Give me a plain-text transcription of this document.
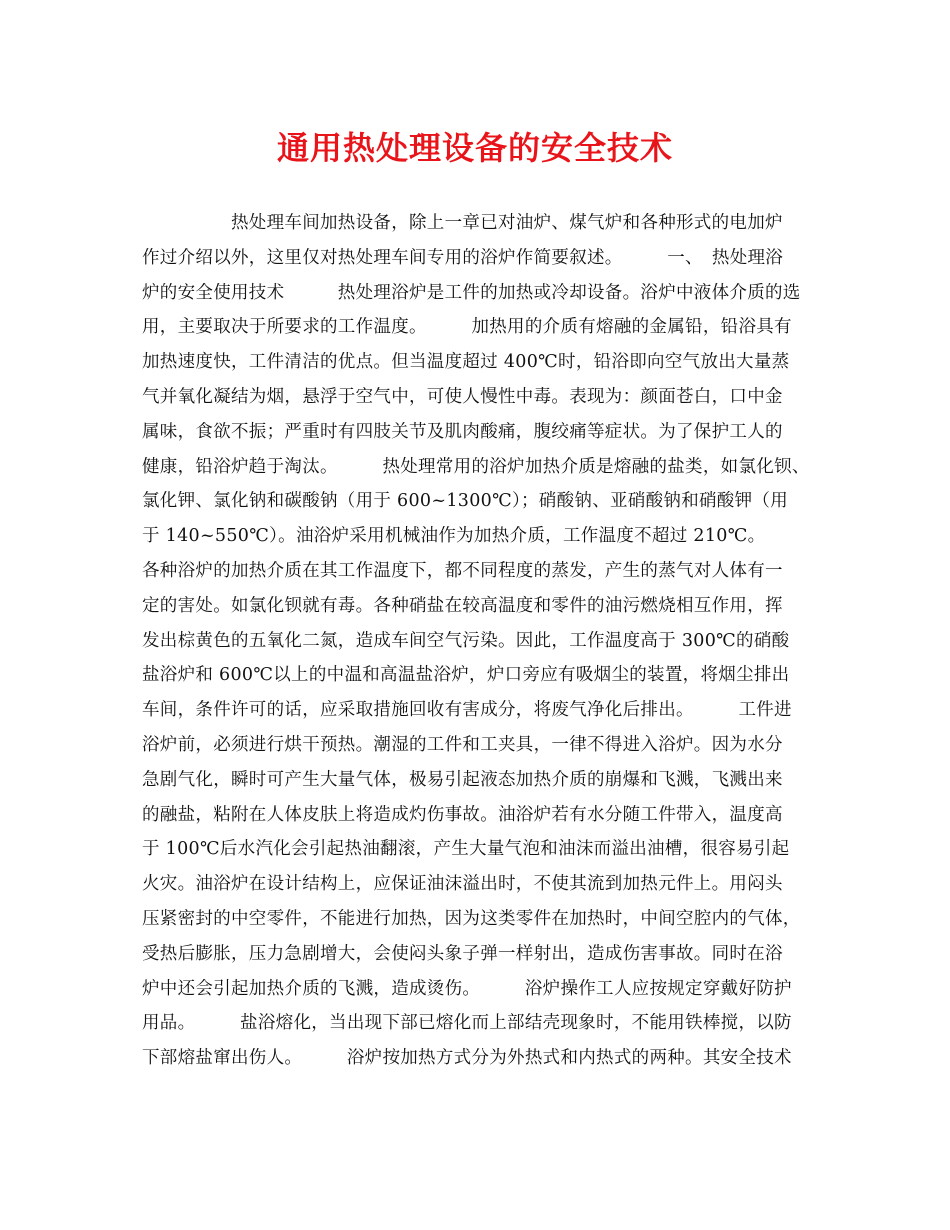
通用热处理设备的安全技术
　　　　　热处理车间加热设备，除上一章已对油炉、煤气炉和各种形式的电加炉
作过介绍以外，这里仅对热处理车间专用的浴炉作简要叙述。　　　一、　热处理浴
炉的安全使用技术　　　热处理浴炉是工件的加热或冷却设备。浴炉中液体介质的选
用，主要取决于所要求的工作温度。　　　加热用的介质有熔融的金属铅，铅浴具有
加热速度快，工件清洁的优点。但当温度超过 400℃时，铅浴即向空气放出大量蒸
气并氧化凝结为烟，悬浮于空气中，可使人慢性中毒。表现为：颜面苍白，口中金
属味，食欲不振；严重时有四肢关节及肌肉酸痛，腹绞痛等症状。为了保护工人的
健康，铅浴炉趋于淘汰。　　　热处理常用的浴炉加热介质是熔融的盐类，如氯化钡、
氯化钾、氯化钠和碳酸钠（用于 600~1300℃）；硝酸钠、亚硝酸钠和硝酸钾（用
于 140~550℃）。油浴炉采用机械油作为加热介质，工作温度不超过 210℃。
各种浴炉的加热介质在其工作温度下，都不同程度的蒸发，产生的蒸气对人体有一
定的害处。如氯化钡就有毒。各种硝盐在较高温度和零件的油污燃烧相互作用，挥
发出棕黄色的五氧化二氮，造成车间空气污染。因此，工作温度高于 300℃的硝酸
盐浴炉和 600℃以上的中温和高温盐浴炉，炉口旁应有吸烟尘的装置，将烟尘排出
车间，条件许可的话，应采取措施回收有害成分，将废气净化后排出。　　　工件进
浴炉前，必须进行烘干预热。潮湿的工件和工夹具，一律不得进入浴炉。因为水分
急剧气化，瞬时可产生大量气体，极易引起液态加热介质的崩爆和飞溅，飞溅出来
的融盐，粘附在人体皮肤上将造成灼伤事故。油浴炉若有水分随工件带入，温度高
于 100℃后水汽化会引起热油翻滚，产生大量气泡和油沫而溢出油槽，很容易引起
火灾。油浴炉在设计结构上，应保证油沫溢出时，不使其流到加热元件上。用闷头
压紧密封的中空零件，不能进行加热，因为这类零件在加热时，中间空腔内的气体，
受热后膨胀，压力急剧增大，会使闷头象子弹一样射出，造成伤害事故。同时在浴
炉中还会引起加热介质的飞溅，造成烫伤。　　　浴炉操作工人应按规定穿戴好防护
用品。　　　盐浴熔化，当出现下部已熔化而上部结壳现象时，不能用铁棒搅，以防
下部熔盐窜出伤人。　　　浴炉按加热方式分为外热式和内热式的两种。其安全技术
